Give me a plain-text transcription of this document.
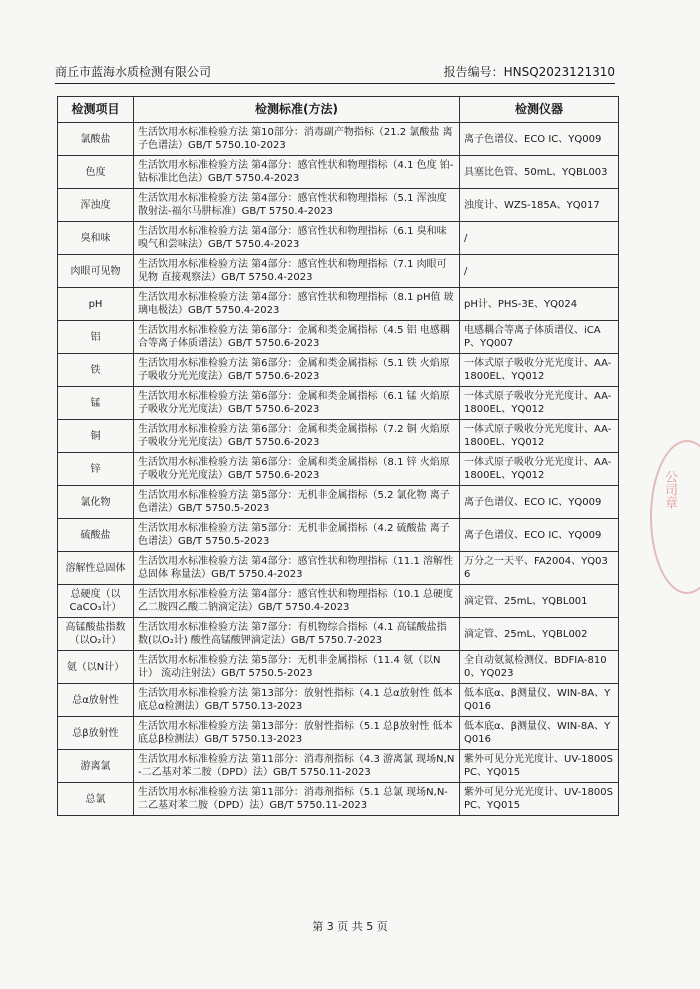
商丘市蓝海水质检测有限公司	报告编号：HNSQ2023121310
检测项目	检测标准(方法)	检测仪器
氯酸盐	生活饮用水标准检验方法 第10部分：消毒副产物指标（21.2 氯酸盐 离子色谱法）GB/T 5750.10-2023	离子色谱仪、ECO IC、YQ009
色度	生活饮用水标准检验方法 第4部分：感官性状和物理指标（4.1 色度 铂-钴标准比色法）GB/T 5750.4-2023	具塞比色管、50mL、YQBL003
浑浊度	生活饮用水标准检验方法 第4部分：感官性状和物理指标（5.1 浑浊度 散射法-福尔马肼标准）GB/T 5750.4-2023	浊度计、WZS-185A、YQ017
臭和味	生活饮用水标准检验方法 第4部分：感官性状和物理指标（6.1 臭和味 嗅气和尝味法）GB/T 5750.4-2023	/
肉眼可见物	生活饮用水标准检验方法 第4部分：感官性状和物理指标（7.1 肉眼可见物 直接观察法）GB/T 5750.4-2023	/
pH	生活饮用水标准检验方法 第4部分：感官性状和物理指标（8.1 pH值 玻璃电极法）GB/T 5750.4-2023	pH计、PHS-3E、YQ024
铝	生活饮用水标准检验方法 第6部分：金属和类金属指标（4.5 铝 电感耦合等离子体质谱法）GB/T 5750.6-2023	电感耦合等离子体质谱仪、iCAP、YQ007
铁	生活饮用水标准检验方法 第6部分：金属和类金属指标（5.1 铁 火焰原子吸收分光光度法）GB/T 5750.6-2023	一体式原子吸收分光光度计、AA-1800EL、YQ012
锰	生活饮用水标准检验方法 第6部分：金属和类金属指标（6.1 锰 火焰原子吸收分光光度法）GB/T 5750.6-2023	一体式原子吸收分光光度计、AA-1800EL、YQ012
铜	生活饮用水标准检验方法 第6部分：金属和类金属指标（7.2 铜 火焰原子吸收分光光度法）GB/T 5750.6-2023	一体式原子吸收分光光度计、AA-1800EL、YQ012
锌	生活饮用水标准检验方法 第6部分：金属和类金属指标（8.1 锌 火焰原子吸收分光光度法）GB/T 5750.6-2023	一体式原子吸收分光光度计、AA-1800EL、YQ012
氯化物	生活饮用水标准检验方法 第5部分：无机非金属指标（5.2 氯化物 离子色谱法）GB/T 5750.5-2023	离子色谱仪、ECO IC、YQ009
硫酸盐	生活饮用水标准检验方法 第5部分：无机非金属指标（4.2 硫酸盐 离子色谱法）GB/T 5750.5-2023	离子色谱仪、ECO IC、YQ009
溶解性总固体	生活饮用水标准检验方法 第4部分：感官性状和物理指标（11.1 溶解性总固体 称量法）GB/T 5750.4-2023	万分之一天平、FA2004、YQ036
总硬度（以CaCO₃计）	生活饮用水标准检验方法 第4部分：感官性状和物理指标（10.1 总硬度 乙二胺四乙酸二钠滴定法）GB/T 5750.4-2023	滴定管、25mL、YQBL001
高锰酸盐指数（以O₂计）	生活饮用水标准检验方法 第7部分：有机物综合指标（4.1 高锰酸盐指数(以O₂计) 酸性高锰酸钾滴定法）GB/T 5750.7-2023	滴定管、25mL、YQBL002
氨（以N计）	生活饮用水标准检验方法 第5部分：无机非金属指标（11.4 氨（以N计） 流动注射法）GB/T 5750.5-2023	全自动氨氮检测仪、BDFIA-8100、YQ023
总α放射性	生活饮用水标准检验方法 第13部分：放射性指标（4.1 总α放射性 低本底总α检测法）GB/T 5750.13-2023	低本底α、β测量仪、WIN-8A、YQ016
总β放射性	生活饮用水标准检验方法 第13部分：放射性指标（5.1 总β放射性 低本底总β检测法）GB/T 5750.13-2023	低本底α、β测量仪、WIN-8A、YQ016
游离氯	生活饮用水标准检验方法 第11部分：消毒剂指标（4.3 游离氯 现场N,N-二乙基对苯二胺（DPD）法）GB/T 5750.11-2023	紫外可见分光光度计、UV-1800SPC、YQ015
总氯	生活饮用水标准检验方法 第11部分：消毒剂指标（5.1 总氯 现场N,N-二乙基对苯二胺（DPD）法）GB/T 5750.11-2023	紫外可见分光光度计、UV-1800SPC、YQ015
第 3 页 共 5 页
公司章
